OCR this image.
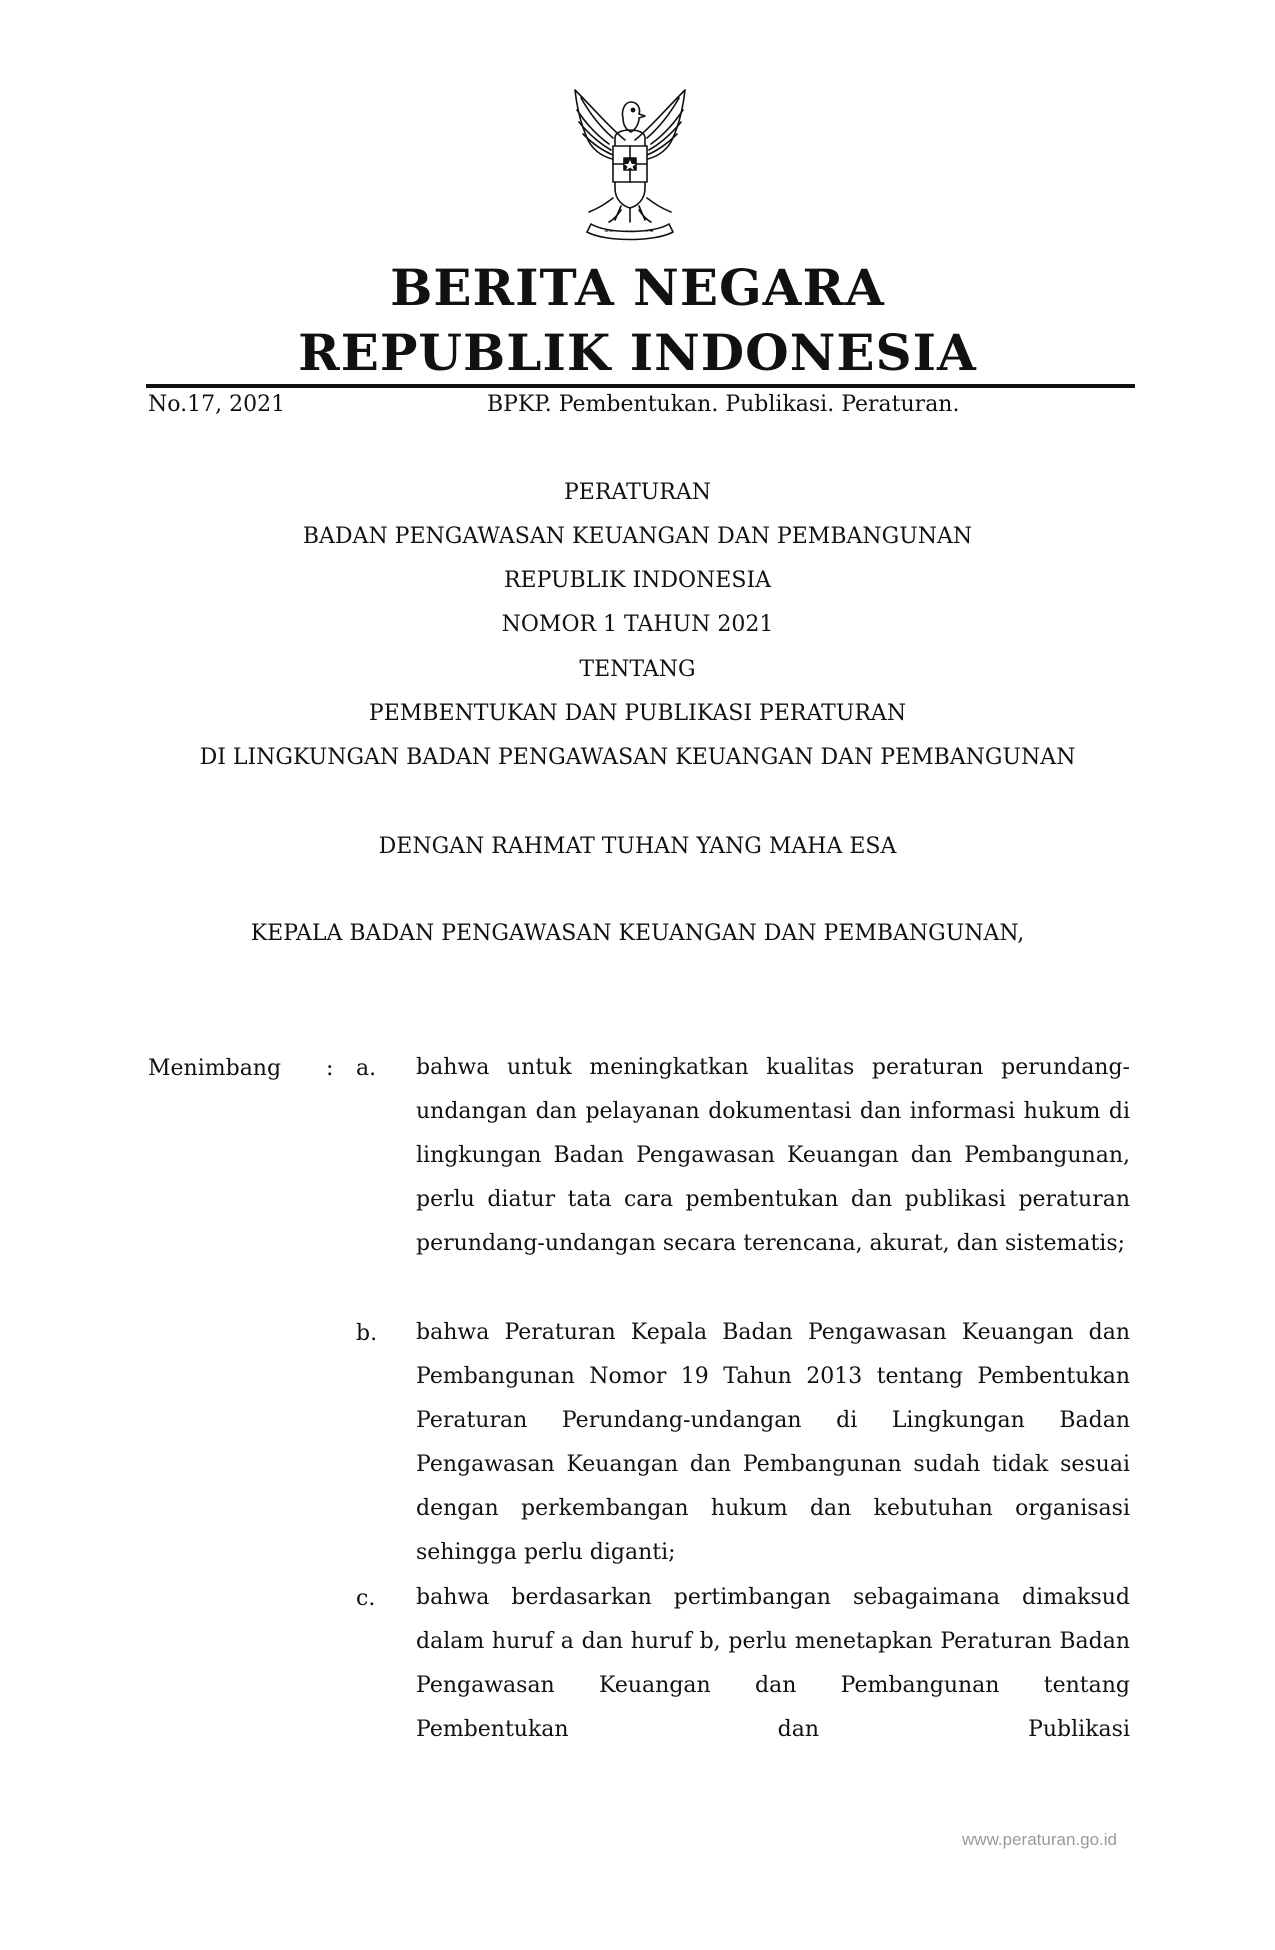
BERITA NEGARA
REPUBLIK INDONESIA
No.17, 2021	BPKP. Pembentukan. Publikasi. Peraturan.
PERATURAN
BADAN PENGAWASAN KEUANGAN DAN PEMBANGUNAN
REPUBLIK INDONESIA
NOMOR 1 TAHUN 2021
TENTANG
PEMBENTUKAN DAN PUBLIKASI PERATURAN
DI LINGKUNGAN BADAN PENGAWASAN KEUANGAN DAN PEMBANGUNAN
DENGAN RAHMAT TUHAN YANG MAHA ESA
KEPALA BADAN PENGAWASAN KEUANGAN DAN PEMBANGUNAN,
Menimbang : a. bahwa untuk meningkatkan kualitas peraturan perundang-undangan dan pelayanan dokumentasi dan informasi hukum di lingkungan Badan Pengawasan Keuangan dan Pembangunan, perlu diatur tata cara pembentukan dan publikasi peraturan perundang-undangan secara terencana, akurat, dan sistematis;
b. bahwa Peraturan Kepala Badan Pengawasan Keuangan dan Pembangunan Nomor 19 Tahun 2013 tentang Pembentukan Peraturan Perundang-undangan di Lingkungan Badan Pengawasan Keuangan dan Pembangunan sudah tidak sesuai dengan perkembangan hukum dan kebutuhan organisasi sehingga perlu diganti;
c. bahwa berdasarkan pertimbangan sebagaimana dimaksud dalam huruf a dan huruf b, perlu menetapkan Peraturan Badan Pengawasan Keuangan dan Pembangunan tentang Pembentukan dan Publikasi
www.peraturan.go.id
